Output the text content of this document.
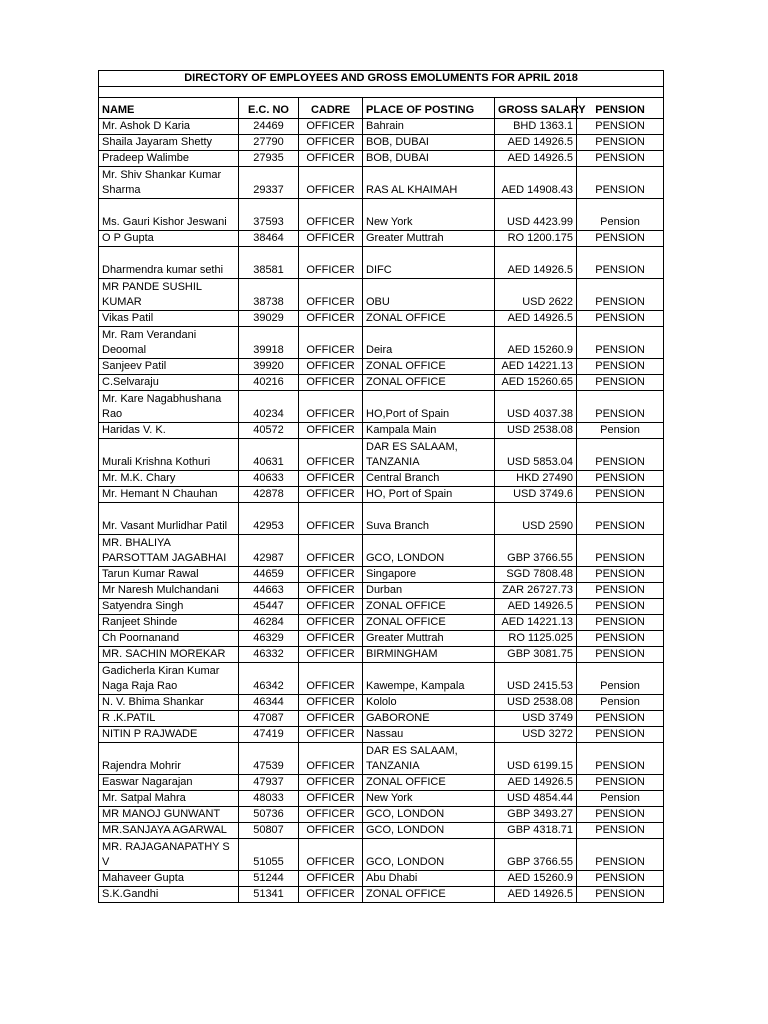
DIRECTORY OF EMPLOYEES AND GROSS EMOLUMENTS FOR APRIL 2018					

NAME	E.C. NO	CADRE	PLACE OF POSTING	GROSS SALARY	PENSION
Mr. Ashok D Karia	24469	OFFICER	Bahrain	BHD 1363.1	PENSION
Shaila Jayaram Shetty	27790	OFFICER	BOB, DUBAI	AED 14926.5	PENSION
Pradeep Walimbe	27935	OFFICER	BOB, DUBAI	AED 14926.5	PENSION
Mr. Shiv Shankar Kumar Sharma	29337	OFFICER	RAS AL KHAIMAH	AED 14908.43	PENSION
Ms. Gauri Kishor Jeswani	37593	OFFICER	New York	USD 4423.99	Pension
O P Gupta	38464	OFFICER	Greater Muttrah	RO 1200.175	PENSION
Dharmendra kumar sethi	38581	OFFICER	DIFC	AED 14926.5	PENSION
MR PANDE SUSHIL KUMAR	38738	OFFICER	OBU	USD 2622	PENSION
Vikas Patil	39029	OFFICER	ZONAL OFFICE	AED 14926.5	PENSION
Mr. Ram Verandani Deoomal	39918	OFFICER	Deira	AED 15260.9	PENSION
Sanjeev Patil	39920	OFFICER	ZONAL OFFICE	AED 14221.13	PENSION
C.Selvaraju	40216	OFFICER	ZONAL OFFICE	AED 15260.65	PENSION
Mr. Kare Nagabhushana Rao	40234	OFFICER	HO,Port of Spain	USD 4037.38	PENSION
Haridas V. K.	40572	OFFICER	Kampala Main	USD 2538.08	Pension
Murali Krishna Kothuri	40631	OFFICER	DAR ES SALAAM, TANZANIA	USD 5853.04	PENSION
Mr. M.K. Chary	40633	OFFICER	Central Branch	HKD 27490	PENSION
Mr. Hemant N Chauhan	42878	OFFICER	HO, Port of Spain	USD 3749.6	PENSION
Mr. Vasant Murlidhar Patil	42953	OFFICER	Suva Branch	USD 2590	PENSION
MR. BHALIYA PARSOTTAM JAGABHAI	42987	OFFICER	GCO, LONDON	GBP 3766.55	PENSION
Tarun Kumar Rawal	44659	OFFICER	Singapore	SGD 7808.48	PENSION
Mr Naresh Mulchandani	44663	OFFICER	Durban	ZAR 26727.73	PENSION
Satyendra Singh	45447	OFFICER	ZONAL OFFICE	AED 14926.5	PENSION
Ranjeet Shinde	46284	OFFICER	ZONAL OFFICE	AED 14221.13	PENSION
Ch Poornanand	46329	OFFICER	Greater Muttrah	RO 1125.025	PENSION
MR. SACHIN MOREKAR	46332	OFFICER	BIRMINGHAM	GBP 3081.75	PENSION
Gadicherla Kiran Kumar Naga Raja Rao	46342	OFFICER	Kawempe, Kampala	USD 2415.53	Pension
N. V. Bhima Shankar	46344	OFFICER	Kololo	USD 2538.08	Pension
R .K.PATIL	47087	OFFICER	GABORONE	USD 3749	PENSION
NITIN P RAJWADE	47419	OFFICER	Nassau	USD 3272	PENSION
Rajendra Mohrir	47539	OFFICER	DAR ES SALAAM, TANZANIA	USD 6199.15	PENSION
Easwar Nagarajan	47937	OFFICER	ZONAL OFFICE	AED 14926.5	PENSION
Mr. Satpal Mahra	48033	OFFICER	New York	USD 4854.44	Pension
MR MANOJ GUNWANT	50736	OFFICER	GCO, LONDON	GBP 3493.27	PENSION
MR.SANJAYA AGARWAL	50807	OFFICER	GCO, LONDON	GBP 4318.71	PENSION
MR. RAJAGANAPATHY S V	51055	OFFICER	GCO, LONDON	GBP 3766.55	PENSION
Mahaveer Gupta	51244	OFFICER	Abu Dhabi	AED 15260.9	PENSION
S.K.Gandhi	51341	OFFICER	ZONAL OFFICE	AED 14926.5	PENSION
